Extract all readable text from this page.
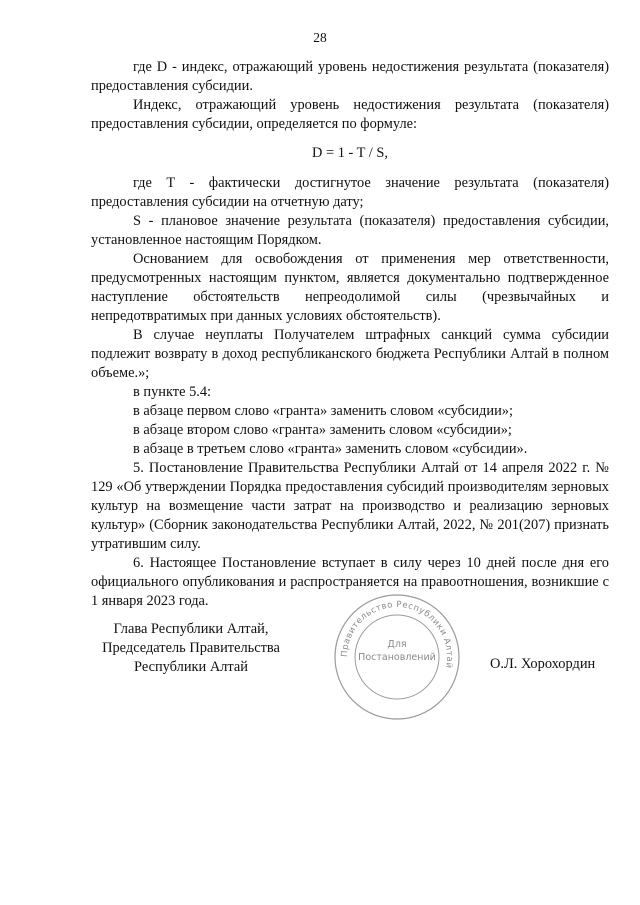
28

где D - индекс, отражающий уровень недостижения результата (показателя) предоставления субсидии.

Индекс, отражающий уровень недостижения результата (показателя) предоставления субсидии, определяется по формуле:

D = 1 - T / S,

где T - фактически достигнутое значение результата (показателя) предоставления субсидии на отчетную дату;

S - плановое значение результата (показателя) предоставления субсидии, установленное настоящим Порядком.

Основанием для освобождения от применения мер ответственности, предусмотренных настоящим пунктом, является документально подтвержденное наступление обстоятельств непреодолимой силы (чрезвычайных и непредотвратимых при данных условиях обстоятельств).

В случае неуплаты Получателем штрафных санкций сумма субсидии подлежит возврату в доход республиканского бюджета Республики Алтай в полном объеме.»;

в пункте 5.4:

в абзаце первом слово «гранта» заменить словом «субсидии»;

в абзаце втором слово «гранта» заменить словом «субсидии»;

в абзаце в третьем слово «гранта» заменить словом «субсидии».

5. Постановление Правительства Республики Алтай от 14 апреля 2022 г. № 129 «Об утверждении Порядка предоставления субсидий производителям зерновых культур на возмещение части затрат на производство и реализацию зерновых культур» (Сборник законодательства Республики Алтай, 2022, № 201(207) признать утратившим силу.

6. Настоящее Постановление вступает в силу через 10 дней после дня его официального опубликования и распространяется на правоотношения, возникшие с 1 января 2023 года.

Глава Республики Алтай,
Председатель Правительства
Республики Алтай
Правительство Республики Алтай
Для
Постановлений	О.Л. Хорохордин
